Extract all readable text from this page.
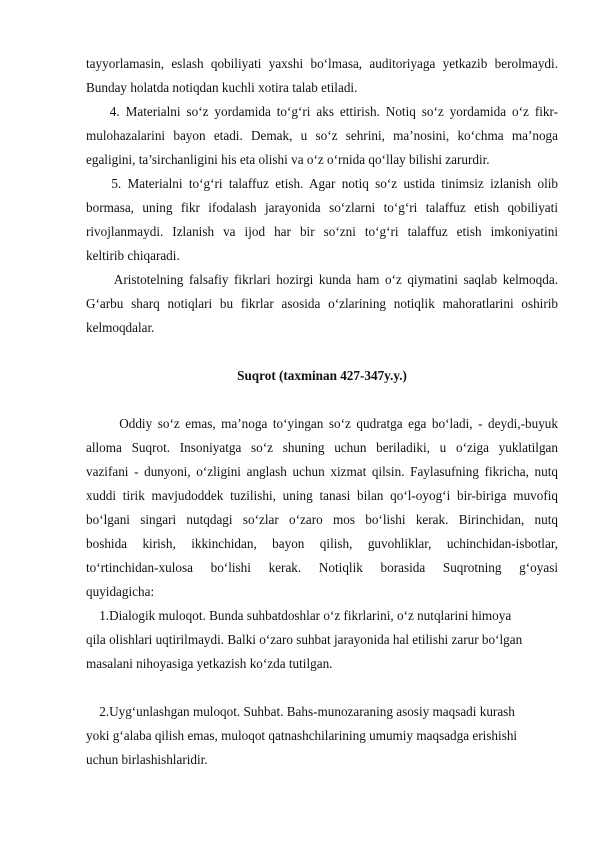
tayyorlamasin, eslash qobiliyati yaxshi bo‘lmasa, auditoriyaga yetkazib berolmaydi.
Bunday holatda notiqdan kuchli xotira talab etiladi.
4. Materialni so‘z yordamida to‘g‘ri aks ettirish. Notiq so‘z yordamida o‘z fikr-
mulohazalarini bayon etadi. Demak, u so‘z sehrini, ma’nosini, ko‘chma ma’noga
egaligini, ta’sirchanligini his eta olishi va o‘z o‘rnida qo‘llay bilishi zarurdir.
5. Materialni to‘g‘ri talaffuz etish. Agar notiq so‘z ustida tinimsiz izlanish olib
bormasa, uning fikr ifodalash jarayonida so‘zlarni to‘g‘ri talaffuz etish qobiliyati
rivojlanmaydi. Izlanish va ijod har bir so‘zni to‘g‘ri talaffuz etish imkoniyatini
keltirib chiqaradi.
Aristotelning falsafiy fikrlari hozirgi kunda ham o‘z qiymatini saqlab kelmoqda.
G‘arbu sharq notiqlari bu fikrlar asosida o‘zlarining notiqlik mahoratlarini oshirib
kelmoqdalar.
Suqrot (taxminan 427-347y.y.)
Oddiy so‘z emas, ma’noga to‘yingan so‘z qudratga ega bo‘ladi, - deydi,-buyuk
alloma Suqrot. Insoniyatga so‘z shuning uchun beriladiki, u o‘ziga yuklatilgan
vazifani - dunyoni, o‘zligini anglash uchun xizmat qilsin. Faylasufning fikricha, nutq
xuddi tirik mavjudoddek tuzilishi, uning tanasi bilan qo‘l-oyog‘i bir-biriga muvofiq
bo‘lgani singari nutqdagi so‘zlar o‘zaro mos bo‘lishi kerak. Birinchidan, nutq
boshida kirish, ikkinchidan, bayon qilish, guvohliklar, uchinchidan-isbotlar,
to‘rtinchidan-xulosa bo‘lishi kerak. Notiqlik borasida Suqrotning g‘oyasi
quyidagicha:
1.Dialogik muloqot. Bunda suhbatdoshlar o‘z fikrlarini, o‘z nutqlarini himoya
qila olishlari uqtirilmaydi. Balki o‘zaro suhbat jarayonida hal etilishi zarur bo‘lgan
masalani nihoyasiga yetkazish ko‘zda tutilgan.
2.Uyg‘unlashgan muloqot. Suhbat. Bahs-munozaraning asosiy maqsadi kurash
yoki g‘alaba qilish emas, muloqot qatnashchilarining umumiy maqsadga erishishi
uchun birlashishlaridir.
